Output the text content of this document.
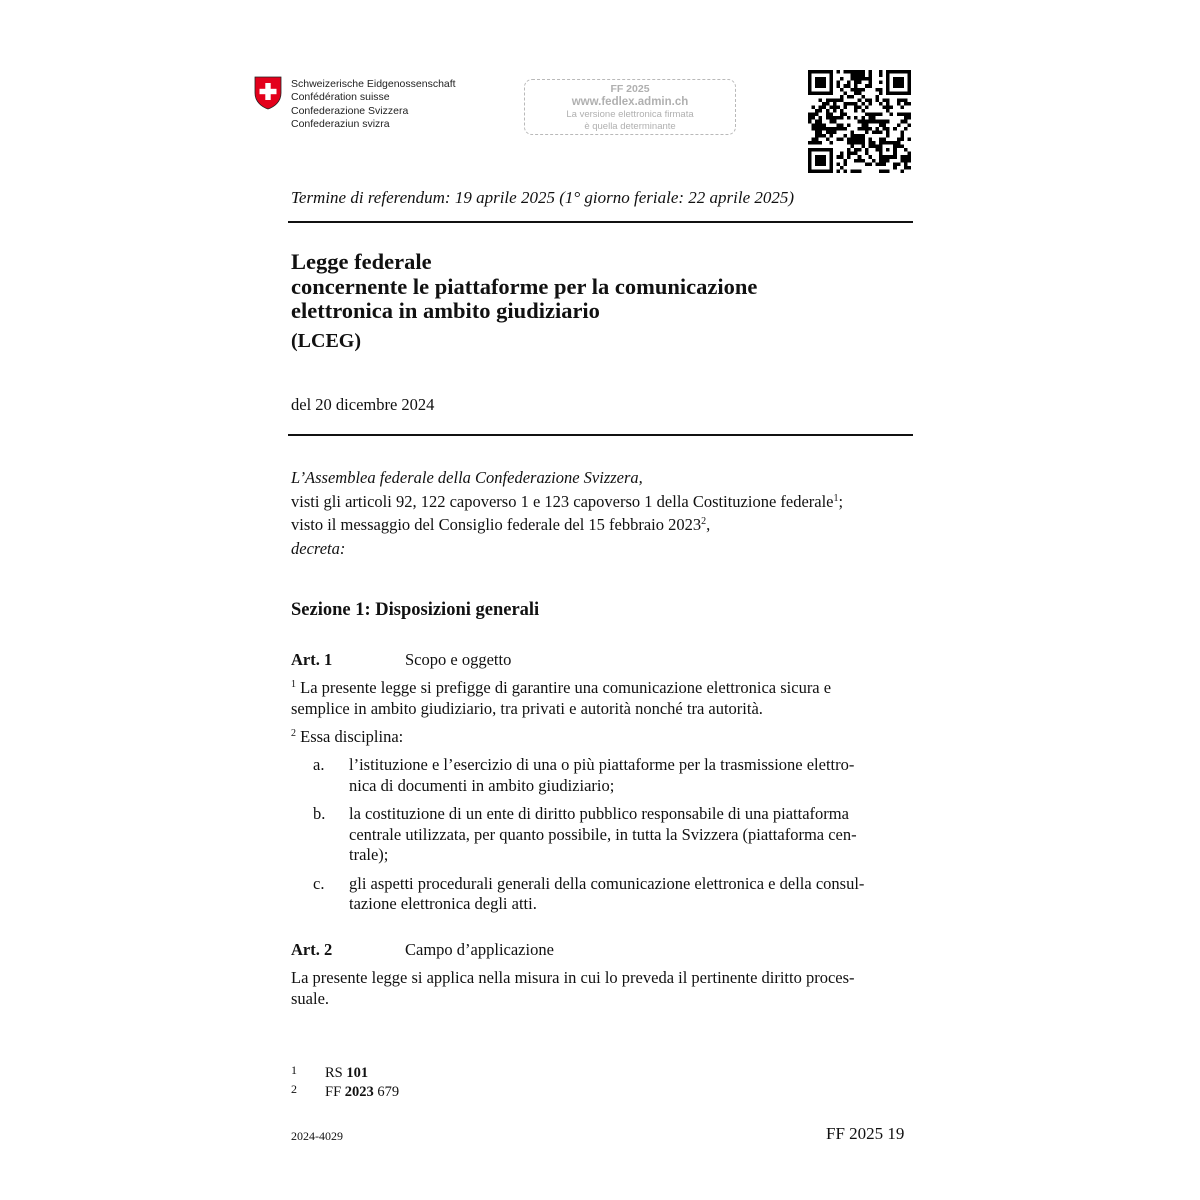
Schweizerische Eidgenossenschaft
Confédération suisse
Confederazione Svizzera
Confederaziun svizra
FF 2025
www.fedlex.admin.ch
La versione elettronica firmata
è quella determinante
Termine di referendum: 19 aprile 2025 (1° giorno feriale: 22 aprile 2025)
Legge federale
concernente le piattaforme per la comunicazione
elettronica in ambito giudiziario
(LCEG)
del 20 dicembre 2024
L’Assemblea federale della Confederazione Svizzera,
visti gli articoli 92, 122 capoverso 1 e 123 capoverso 1 della Costituzione federale$^1$;
visto il messaggio del Consiglio federale del 15 febbraio 2023$^2$,
decreta:
Sezione 1: Disposizioni generali
Art. 1	Scopo e oggetto
$^1$ La presente legge si prefigge di garantire una comunicazione elettronica sicura e
semplice in ambito giudiziario, tra privati e autorità nonché tra autorità.
$^2$ Essa disciplina:
a. l’istituzione e l’esercizio di una o più piattaforme per la trasmissione elettro-
nica di documenti in ambito giudiziario;
b. la costituzione di un ente di diritto pubblico responsabile di una piattaforma
centrale utilizzata, per quanto possibile, in tutta la Svizzera (piattaforma cen-
trale);
c. gli aspetti procedurali generali della comunicazione elettronica e della consul-
tazione elettronica degli atti.
Art. 2	Campo d’applicazione
La presente legge si applica nella misura in cui lo preveda il pertinente diritto proces-
suale.
1 RS 101
2 FF 2023 679
2024-4029	FF 2025 19
